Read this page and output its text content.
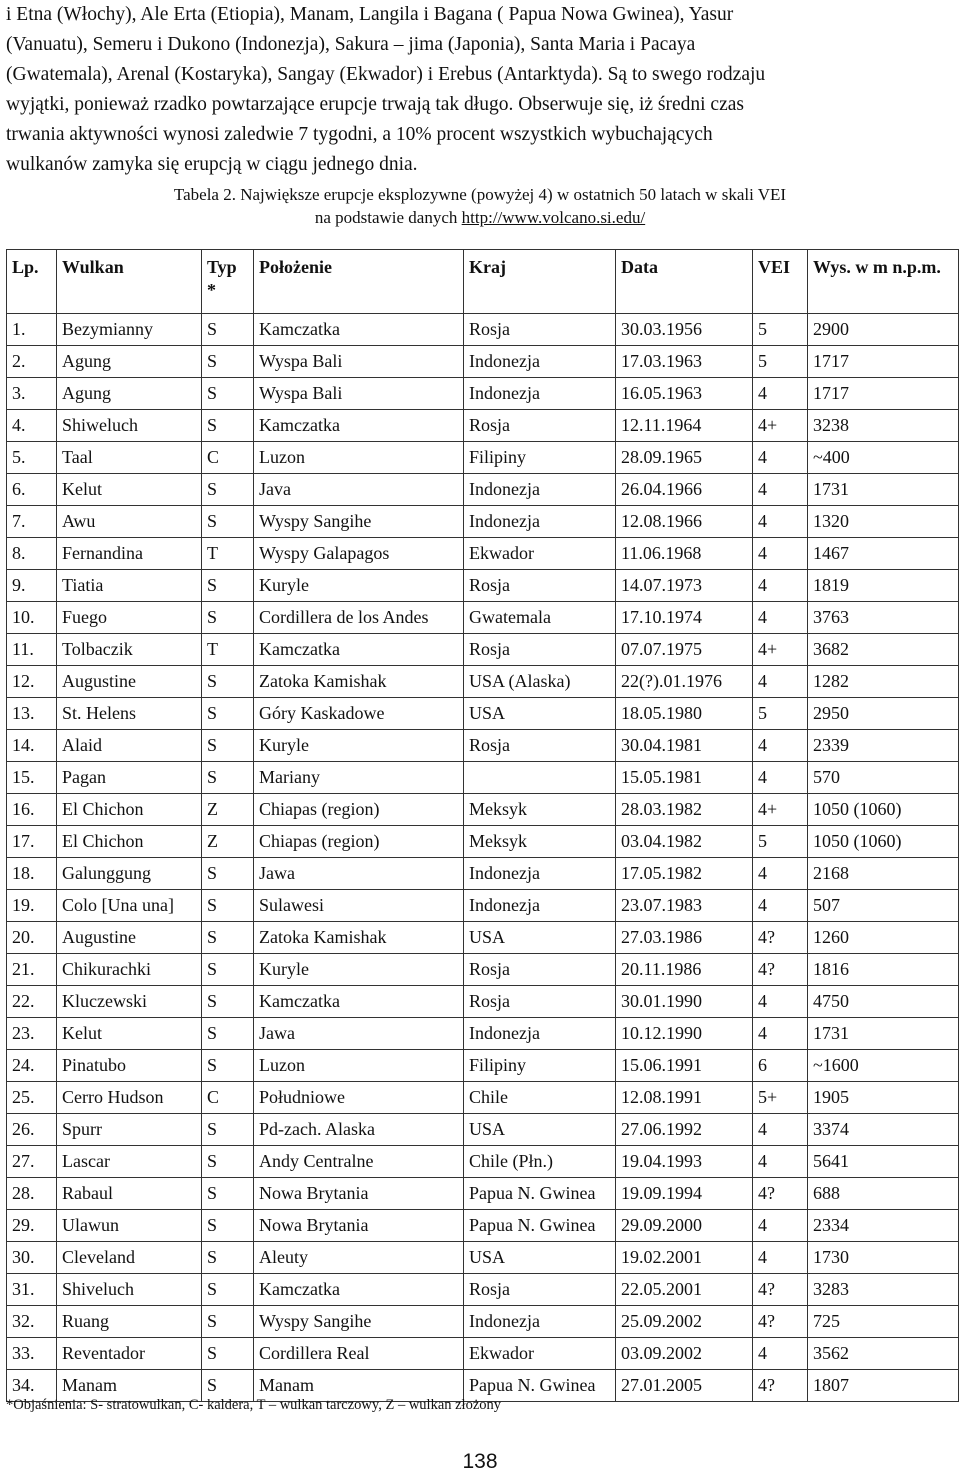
i Etna (Włochy), Ale Erta (Etiopia), Manam, Langila i Bagana ( Papua Nowa Gwinea), Yasur
(Vanuatu), Semeru i Dukono (Indonezja), Sakura – jima (Japonia), Santa Maria i Pacaya
(Gwatemala), Arenal (Kostaryka), Sangay (Ekwador) i Erebus (Antarktyda). Są to swego rodzaju
wyjątki, ponieważ rzadko powtarzające erupcje trwają tak długo. Obserwuje się, iż średni czas
trwania aktywności wynosi zaledwie 7 tygodni, a 10% procent wszystkich wybuchających
wulkanów zamyka się erupcją w ciągu jednego dnia.
Tabela 2. Największe erupcje eksplozywne (powyżej 4) w ostatnich 50 latach w skali VEI
na podstawie danych http://www.volcano.si.edu/
Lp.	Wulkan	Typ *	Położenie	Kraj	Data	VEI	Wys. w m n.p.m.
1.	Bezymianny	S	Kamczatka	Rosja	30.03.1956	5	2900
2.	Agung	S	Wyspa Bali	Indonezja	17.03.1963	5	1717
3.	Agung	S	Wyspa Bali	Indonezja	16.05.1963	4	1717
4.	Shiweluch	S	Kamczatka	Rosja	12.11.1964	4+	3238
5.	Taal	C	Luzon	Filipiny	28.09.1965	4	~400
6.	Kelut	S	Java	Indonezja	26.04.1966	4	1731
7.	Awu	S	Wyspy Sangihe	Indonezja	12.08.1966	4	1320
8.	Fernandina	T	Wyspy Galapagos	Ekwador	11.06.1968	4	1467
9.	Tiatia	S	Kuryle	Rosja	14.07.1973	4	1819
10.	Fuego	S	Cordillera de los Andes	Gwatemala	17.10.1974	4	3763
11.	Tolbaczik	T	Kamczatka	Rosja	07.07.1975	4+	3682
12.	Augustine	S	Zatoka Kamishak	USA (Alaska)	22(?).01.1976	4	1282
13.	St. Helens	S	Góry Kaskadowe	USA	18.05.1980	5	2950
14.	Alaid	S	Kuryle	Rosja	30.04.1981	4	2339
15.	Pagan	S	Mariany		15.05.1981	4	570
16.	El Chichon	Z	Chiapas (region)	Meksyk	28.03.1982	4+	1050 (1060)
17.	El Chichon	Z	Chiapas (region)	Meksyk	03.04.1982	5	1050 (1060)
18.	Galunggung	S	Jawa	Indonezja	17.05.1982	4	2168
19.	Colo [Una una]	S	Sulawesi	Indonezja	23.07.1983	4	507
20.	Augustine	S	Zatoka Kamishak	USA	27.03.1986	4?	1260
21.	Chikurachki	S	Kuryle	Rosja	20.11.1986	4?	1816
22.	Kluczewski	S	Kamczatka	Rosja	30.01.1990	4	4750
23.	Kelut	S	Jawa	Indonezja	10.12.1990	4	1731
24.	Pinatubo	S	Luzon	Filipiny	15.06.1991	6	~1600
25.	Cerro Hudson	C	Południowe	Chile	12.08.1991	5+	1905
26.	Spurr	S	Pd-zach. Alaska	USA	27.06.1992	4	3374
27.	Lascar	S	Andy Centralne	Chile (Płn.)	19.04.1993	4	5641
28.	Rabaul	S	Nowa Brytania	Papua N. Gwinea	19.09.1994	4?	688
29.	Ulawun	S	Nowa Brytania	Papua N. Gwinea	29.09.2000	4	2334
30.	Cleveland	S	Aleuty	USA	19.02.2001	4	1730
31.	Shiveluch	S	Kamczatka	Rosja	22.05.2001	4?	3283
32.	Ruang	S	Wyspy Sangihe	Indonezja	25.09.2002	4?	725
33.	Reventador	S	Cordillera Real	Ekwador	03.09.2002	4	3562
34.	Manam	S	Manam	Papua N. Gwinea	27.01.2005	4?	1807
*Objaśnienia: S- stratowulkan, C- kaldera, T – wulkan tarczowy, Z – wulkan złożony
138
